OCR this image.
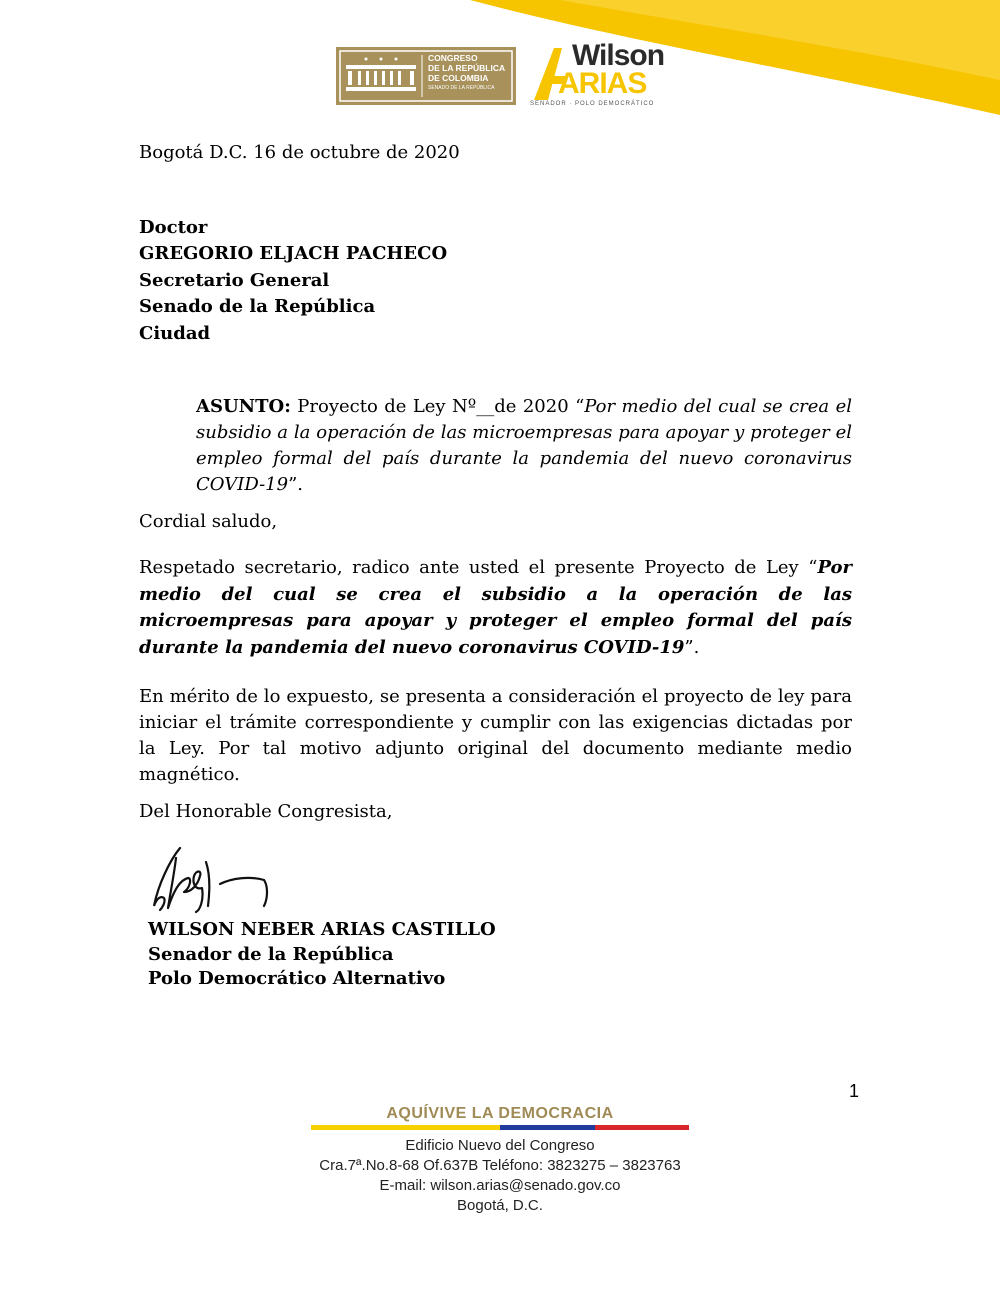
CONGRESO
DE LA REPÚBLICA
DE COLOMBIA
SENADO DE LA REPÚBLICA
Wilson
ARIAS
SENADOR · POLO DEMOCRÁTICO
Bogotá D.C. 16 de octubre de 2020
Doctor
GREGORIO ELJACH PACHECO
Secretario General
Senado de la República
Ciudad
ASUNTO: Proyecto de Ley Nº__de 2020 “Por medio del cual se crea el subsidio a la operación de las microempresas para apoyar y proteger el empleo formal del país durante la pandemia del nuevo coronavirus COVID-19”.
Cordial saludo,
Respetado secretario, radico ante usted el presente Proyecto de Ley “Por medio del cual se crea el subsidio a la operación de las microempresas para apoyar y proteger el empleo formal del país durante la pandemia del nuevo coronavirus COVID-19”.
En mérito de lo expuesto, se presenta a consideración el proyecto de ley para iniciar el trámite correspondiente y cumplir con las exigencias dictadas por la Ley. Por tal motivo adjunto original del documento mediante medio magnético.
Del Honorable Congresista,
WILSON NEBER ARIAS CASTILLO
Senador de la República
Polo Democrático Alternativo
1
AQUÍVIVE LA DEMOCRACIA
Edificio Nuevo del Congreso
Cra.7ª.No.8-68 Of.637B Teléfono: 3823275 – 3823763
E-mail: wilson.arias@senado.gov.co
Bogotá, D.C.
